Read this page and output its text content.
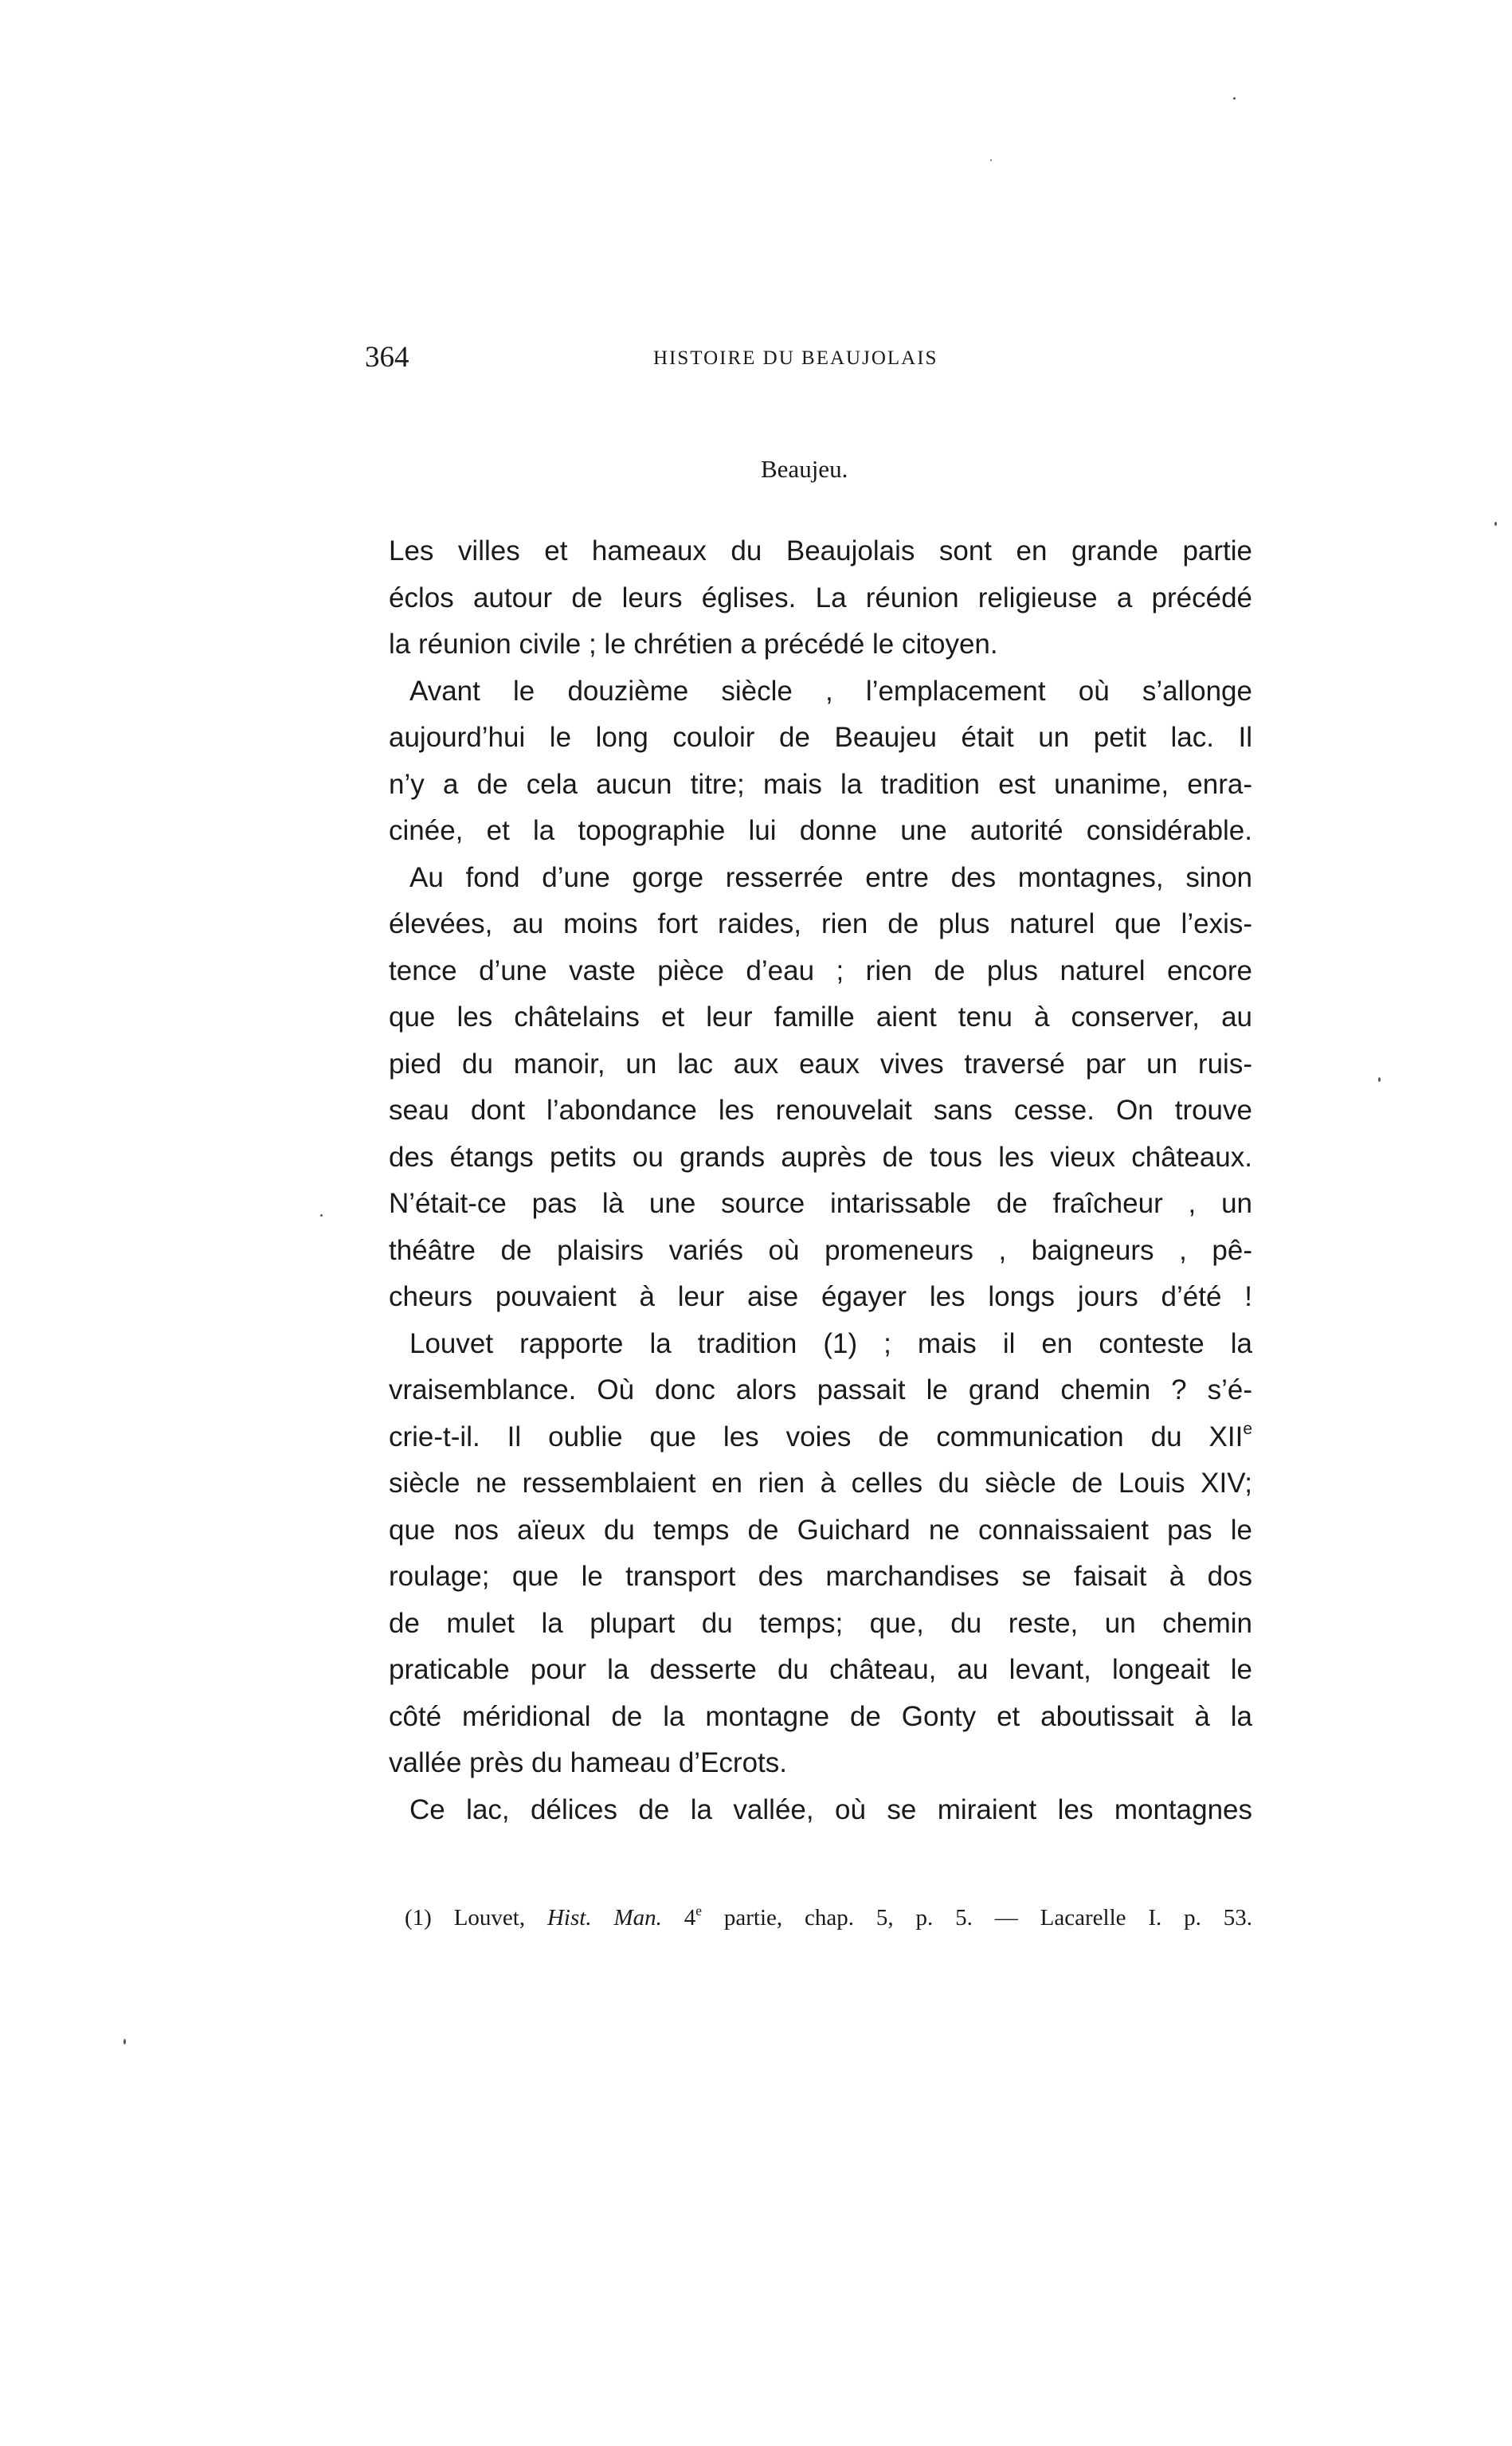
364	HISTOIRE DU BEAUJOLAIS
Beaujeu.
Les villes et hameaux du Beaujolais sont en grande partie
éclos autour de leurs églises. La réunion religieuse a précédé
la réunion civile ; le chrétien a précédé le citoyen.
Avant le douzième siècle , l’emplacement où s’allonge
aujourd’hui le long couloir de Beaujeu était un petit lac. Il
n’y a de cela aucun titre; mais la tradition est unanime, enra-
cinée, et la topographie lui donne une autorité considérable.
Au fond d’une gorge resserrée entre des montagnes, sinon
élevées, au moins fort raides, rien de plus naturel que l’exis-
tence d’une vaste pièce d’eau ; rien de plus naturel encore
que les châtelains et leur famille aient tenu à conserver, au
pied du manoir, un lac aux eaux vives traversé par un ruis-
seau dont l’abondance les renouvelait sans cesse. On trouve
des étangs petits ou grands auprès de tous les vieux châteaux.
N’était-ce pas là une source intarissable de fraîcheur , un
théâtre de plaisirs variés où promeneurs , baigneurs , pê-
cheurs pouvaient à leur aise égayer les longs jours d’été !
Louvet rapporte la tradition (1) ; mais il en conteste la
vraisemblance. Où donc alors passait le grand chemin ? s’é-
crie-t-il. Il oublie que les voies de communication du XIIe
siècle ne ressemblaient en rien à celles du siècle de Louis XIV;
que nos aïeux du temps de Guichard ne connaissaient pas le
roulage; que le transport des marchandises se faisait à dos
de mulet la plupart du temps; que, du reste, un chemin
praticable pour la desserte du château, au levant, longeait le
côté méridional de la montagne de Gonty et aboutissait à la
vallée près du hameau d’Ecrots.
Ce lac, délices de la vallée, où se miraient les montagnes
(1) Louvet, Hist. Man. 4e partie, chap. 5, p. 5. — Lacarelle I. p. 53.
